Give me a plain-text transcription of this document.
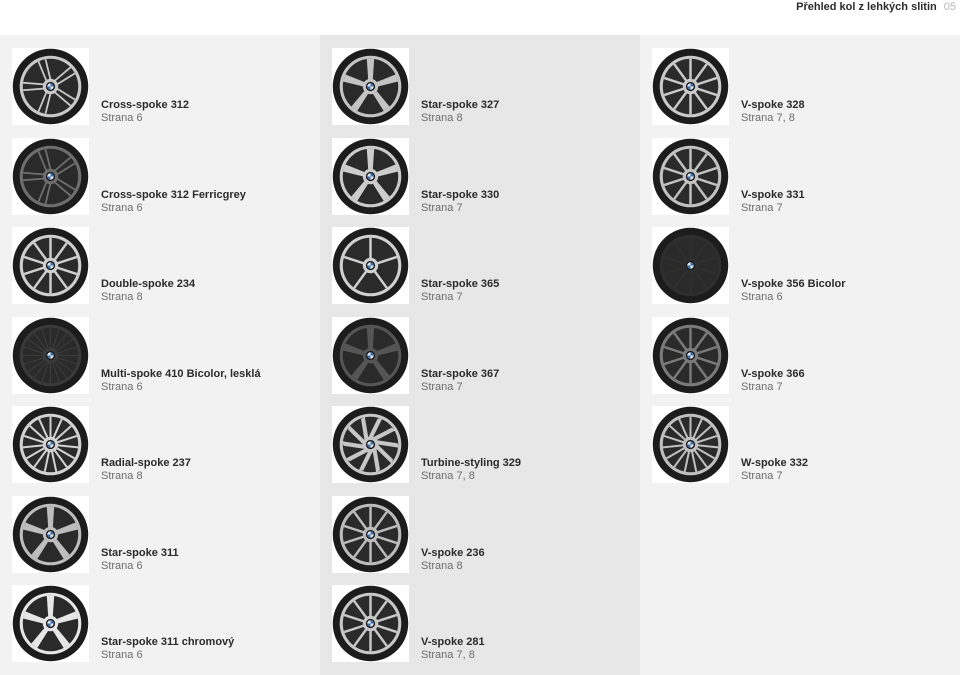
Přehled kol z lehkých slitin 05
Cross-spoke 312
Strana 6
Cross-spoke 312 Ferricgrey
Strana 6
Double-spoke 234
Strana 8
Multi-spoke 410 Bicolor, lesklá
Strana 6
Radial-spoke 237
Strana 8
Star-spoke 311
Strana 6
Star-spoke 311 chromový
Strana 6
Star-spoke 327
Strana 8
Star-spoke 330
Strana 7
Star-spoke 365
Strana 7
Star-spoke 367
Strana 7
Turbine-styling 329
Strana 7, 8
V-spoke 236
Strana 8
V-spoke 281
Strana 7, 8
V-spoke 328
Strana 7, 8
V-spoke 331
Strana 7
V-spoke 356 Bicolor
Strana 6
V-spoke 366
Strana 7
W-spoke 332
Strana 7
